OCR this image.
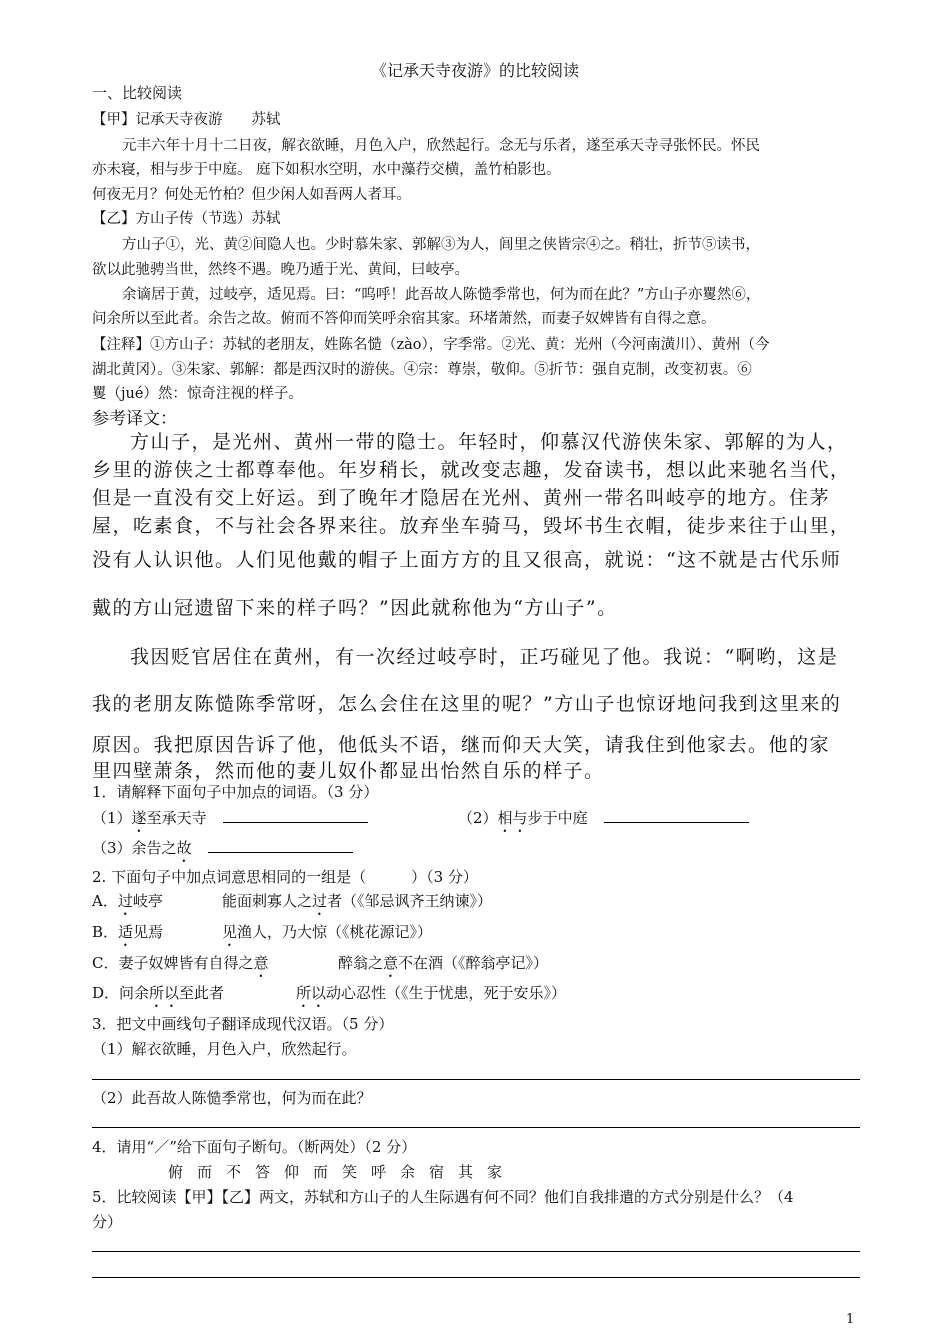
《记承天寺夜游》的比较阅读
一、比较阅读
【甲】记承天寺夜游　　苏轼
元丰六年十月十二日夜，解衣欲睡，月色入户，欣然起行。念无与乐者，遂至承天寺寻张怀民。怀民
亦未寝，相与步于中庭。 庭下如积水空明，水中藻荇交横，盖竹柏影也。
何夜无月？何处无竹柏？但少闲人如吾两人者耳。
【乙】方山子传（节选）苏轼
方山子①，光、黄②间隐人也。少时慕朱家、郭解③为人，闾里之侠皆宗④之。稍壮，折节⑤读书，
欲以此驰骋当世，然终不遇。晚乃遁于光、黄间，曰岐亭。
余谪居于黄，过岐亭，适见焉。曰：“呜呼！此吾故人陈慥季常也，何为而在此？”方山子亦矍然⑥，
问余所以至此者。余告之故。俯而不答仰而笑呼余宿其家。环堵萧然，而妻子奴婢皆有自得之意。
【注释】①方山子：苏轼的老朋友，姓陈名慥（zào），字季常。②光、黄：光州（今河南潢川）、黄州（今
湖北黄冈）。③朱家、郭解：都是西汉时的游侠。④宗：尊崇，敬仰。⑤折节：强自克制，改变初衷。⑥
矍（jué）然：惊奇注视的样子。
参考译文：
方山子，是光州、黄州一带的隐士。年轻时，仰慕汉代游侠朱家、郭解的为人，
乡里的游侠之士都尊奉他。年岁稍长，就改变志趣，发奋读书，想以此来驰名当代，
但是一直没有交上好运。到了晚年才隐居在光州、黄州一带名叫岐亭的地方。住茅
屋，吃素食，不与社会各界来往。放弃坐车骑马，毁坏书生衣帽，徒步来往于山里，
没有人认识他。人们见他戴的帽子上面方方的且又很高，就说：“这不就是古代乐师
戴的方山冠遗留下来的样子吗？”因此就称他为“方山子”。
我因贬官居住在黄州，有一次经过岐亭时，正巧碰见了他。我说：“啊哟，这是
我的老朋友陈慥陈季常呀，怎么会住在这里的呢？”方山子也惊讶地问我到这里来的
原因。我把原因告诉了他，他低头不语，继而仰天大笑，请我住到他家去。他的家
里四壁萧条，然而他的妻儿奴仆都显出怡然自乐的样子。
1．请解释下面句子中加点的词语。（3 分）
（1）遂至承天寺	（2）相与步于中庭
（3）余告之故
2. 下面句子中加点词意思相同的一组是（　　　）（3 分）
A．过岐亭	能面刺寡人之过者（《邹忌讽齐王纳谏》）
B．适见焉	见渔人，乃大惊（《桃花源记》）
C．妻子奴婢皆有自得之意	醉翁之意不在酒（《醉翁亭记》）
D．问余所以至此者	所以动心忍性（《生于忧患，死于安乐》）
3．把文中画线句子翻译成现代汉语。（5 分）
（1）解衣欲睡，月色入户，欣然起行。
（2）此吾故人陈慥季常也，何为而在此？
4．请用“／”给下面句子断句。（断两处）（2 分）
俯而不答仰而笑呼余宿其家
5．比较阅读【甲】【乙】两文，苏轼和方山子的人生际遇有何不同？他们自我排遣的方式分别是什么？（4
分）
1
